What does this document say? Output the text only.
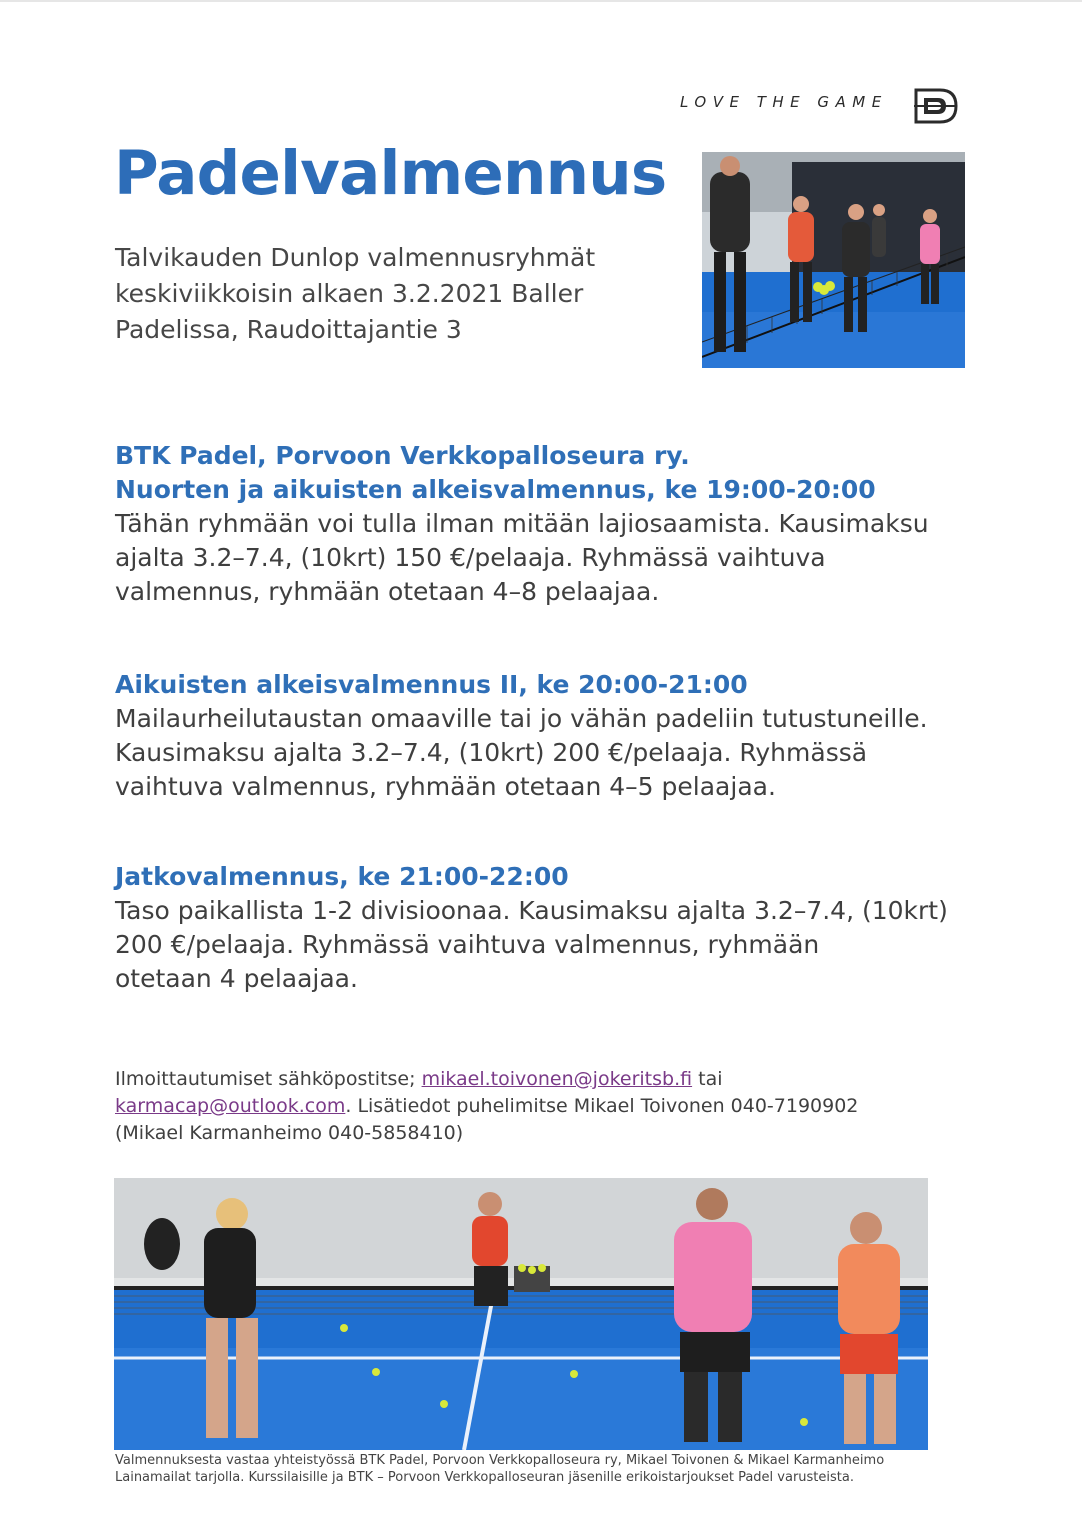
LOVE THE GAME
Padelvalmennus
Talvikauden Dunlop valmennusryhmät
keskiviikkoisin alkaen 3.2.2021 Baller
Padelissa, Raudoittajantie 3
BTK Padel, Porvoon Verkkopalloseura ry.
Nuorten ja aikuisten alkeisvalmennus, ke 19:00-20:00
Tähän ryhmään voi tulla ilman mitään lajiosaamista. Kausimaksu
ajalta 3.2–7.4, (10krt) 150 €/pelaaja. Ryhmässä vaihtuva
valmennus, ryhmään otetaan 4–8 pelaajaa.
Aikuisten alkeisvalmennus II, ke 20:00-21:00
Mailaurheilutaustan omaaville tai jo vähän padeliin tutustuneille.
Kausimaksu ajalta 3.2–7.4, (10krt) 200 €/pelaaja. Ryhmässä
vaihtuva valmennus, ryhmään otetaan 4–5 pelaajaa.
Jatkovalmennus, ke 21:00-22:00
Taso paikallista 1-2 divisioonaa. Kausimaksu ajalta 3.2–7.4, (10krt)
200 €/pelaaja. Ryhmässä vaihtuva valmennus, ryhmään
otetaan 4 pelaajaa.
Ilmoittautumiset sähköpostitse; mikael.toivonen@jokeritsb.fi tai
karmacap@outlook.com. Lisätiedot puhelimitse Mikael Toivonen 040-7190902
(Mikael Karmanheimo 040-5858410)
Valmennuksesta vastaa yhteistyössä BTK Padel, Porvoon Verkkopalloseura ry, Mikael Toivonen & Mikael Karmanheimo
Lainamailat tarjolla. Kurssilaisille ja BTK – Porvoon Verkkopalloseuran jäsenille erikoistarjoukset Padel varusteista.
